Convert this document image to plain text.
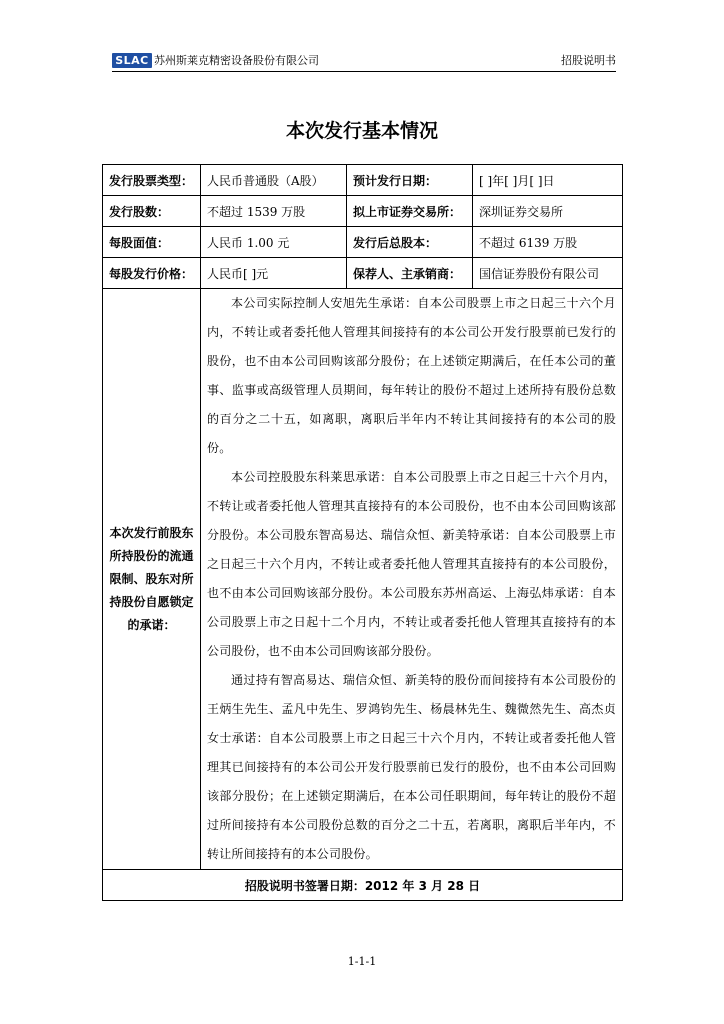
SLAC 苏州斯莱克精密设备股份有限公司	招股说明书
本次发行基本情况
发行股票类型：	人民币普通股（A股）	预计发行日期：	[ ]年[ ]月[ ]日
发行股数：	不超过 1539 万股	拟上市证券交易所：	深圳证券交易所
每股面值：	人民币 1.00 元	发行后总股本：	不超过 6139 万股
每股发行价格：	人民币[ ]元	保荐人、主承销商：	国信证券股份有限公司
本次发行前股东所持股份的流通限制、股东对所持股份自愿锁定的承诺：	本公司实际控制人安旭先生承诺：自本公司股票上市之日起三十六个月内，不转让或者委托他人管理其间接持有的本公司公开发行股票前已发行的股份，也不由本公司回购该部分股份；在上述锁定期满后，在任本公司的董事、监事或高级管理人员期间，每年转让的股份不超过上述所持有股份总数的百分之二十五，如离职，离职后半年内不转让其间接持有的本公司的股份。

本公司控股股东科莱思承诺：自本公司股票上市之日起三十六个月内，不转让或者委托他人管理其直接持有的本公司股份，也不由本公司回购该部分股份。本公司股东智高易达、瑞信众恒、新美特承诺：自本公司股票上市之日起三十六个月内，不转让或者委托他人管理其直接持有的本公司股份，也不由本公司回购该部分股份。本公司股东苏州高运、上海弘炜承诺：自本公司股票上市之日起十二个月内，不转让或者委托他人管理其直接持有的本公司股份，也不由本公司回购该部分股份。

通过持有智高易达、瑞信众恒、新美特的股份而间接持有本公司股份的王炳生先生、孟凡中先生、罗鸿钧先生、杨晨林先生、魏微然先生、高杰贞女士承诺：自本公司股票上市之日起三十六个月内，不转让或者委托他人管理其已间接持有的本公司公开发行股票前已发行的股份，也不由本公司回购该部分股份；在上述锁定期满后，在本公司任职期间，每年转让的股份不超过所间接持有本公司股份总数的百分之二十五，若离职，离职后半年内，不转让所间接持有的本公司股份。		

招股说明书签署日期：2012 年 3 月 28 日			
1-1-1
